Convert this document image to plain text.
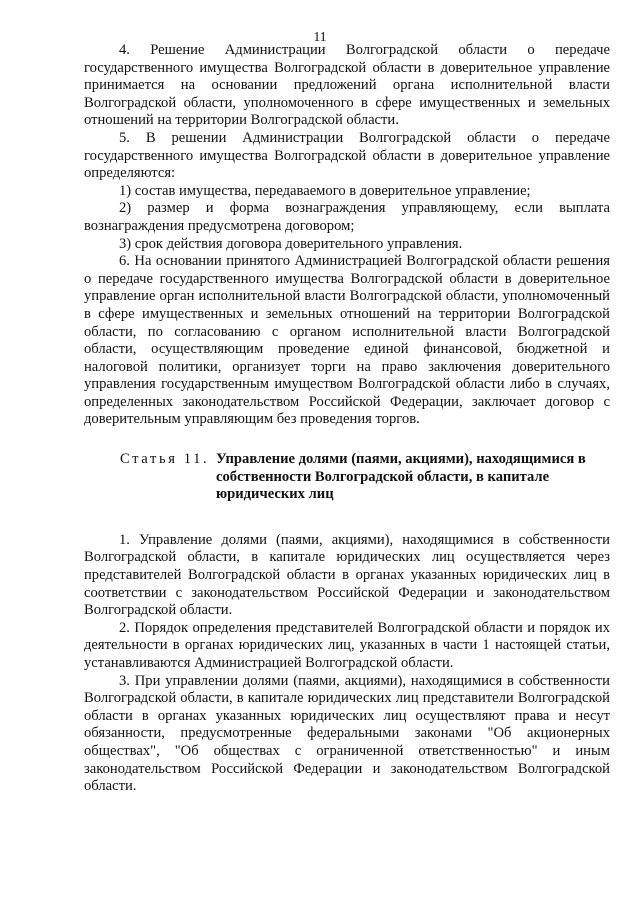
11

4. Решение Администрации Волгоградской области о передаче государственного имущества Волгоградской области в доверительное управление принимается на основании предложений органа исполнительной власти Волгоградской области, уполномоченного в сфере имущественных и земельных отношений на территории Волгоградской области.

5. В решении Администрации Волгоградской области о передаче государственного имущества Волгоградской области в доверительное управление определяются:

1) состав имущества, передаваемого в доверительное управление;

2) размер и форма вознаграждения управляющему, если выплата вознаграждения предусмотрена договором;

3) срок действия договора доверительного управления.

6. На основании принятого Администрацией Волгоградской области решения о передаче государственного имущества Волгоградской области в доверительное управление орган исполнительной власти Волгоградской области, уполномоченный в сфере имущественных и земельных отношений на территории Волгоградской области, по согласованию с органом исполнительной власти Волгоградской области, осуществляющим проведение единой финансовой, бюджетной и налоговой политики, организует торги на право заключения доверительного управления государственным имуществом Волгоградской области либо в случаях, определенных законодательством Российской Федерации, заключает договор с доверительным управляющим без проведения торгов.

Статья 11. Управление долями (паями, акциями), находящимися в собственности Волгоградской области, в капитале юридических лиц

1. Управление долями (паями, акциями), находящимися в собственности Волгоградской области, в капитале юридических лиц осуществляется через представителей Волгоградской области в органах указанных юридических лиц в соответствии с законодательством Российской Федерации и законодательством Волгоградской области.

2. Порядок определения представителей Волгоградской области и порядок их деятельности в органах юридических лиц, указанных в части 1 настоящей статьи, устанавливаются Администрацией Волгоградской области.

3. При управлении долями (паями, акциями), находящимися в собственности Волгоградской области, в капитале юридических лиц представители Волгоградской области в органах указанных юридических лиц осуществляют права и несут обязанности, предусмотренные федеральными законами "Об акционерных обществах", "Об обществах с ограниченной ответственностью" и иным законодательством Российской Федерации и законодательством Волгоградской области.
